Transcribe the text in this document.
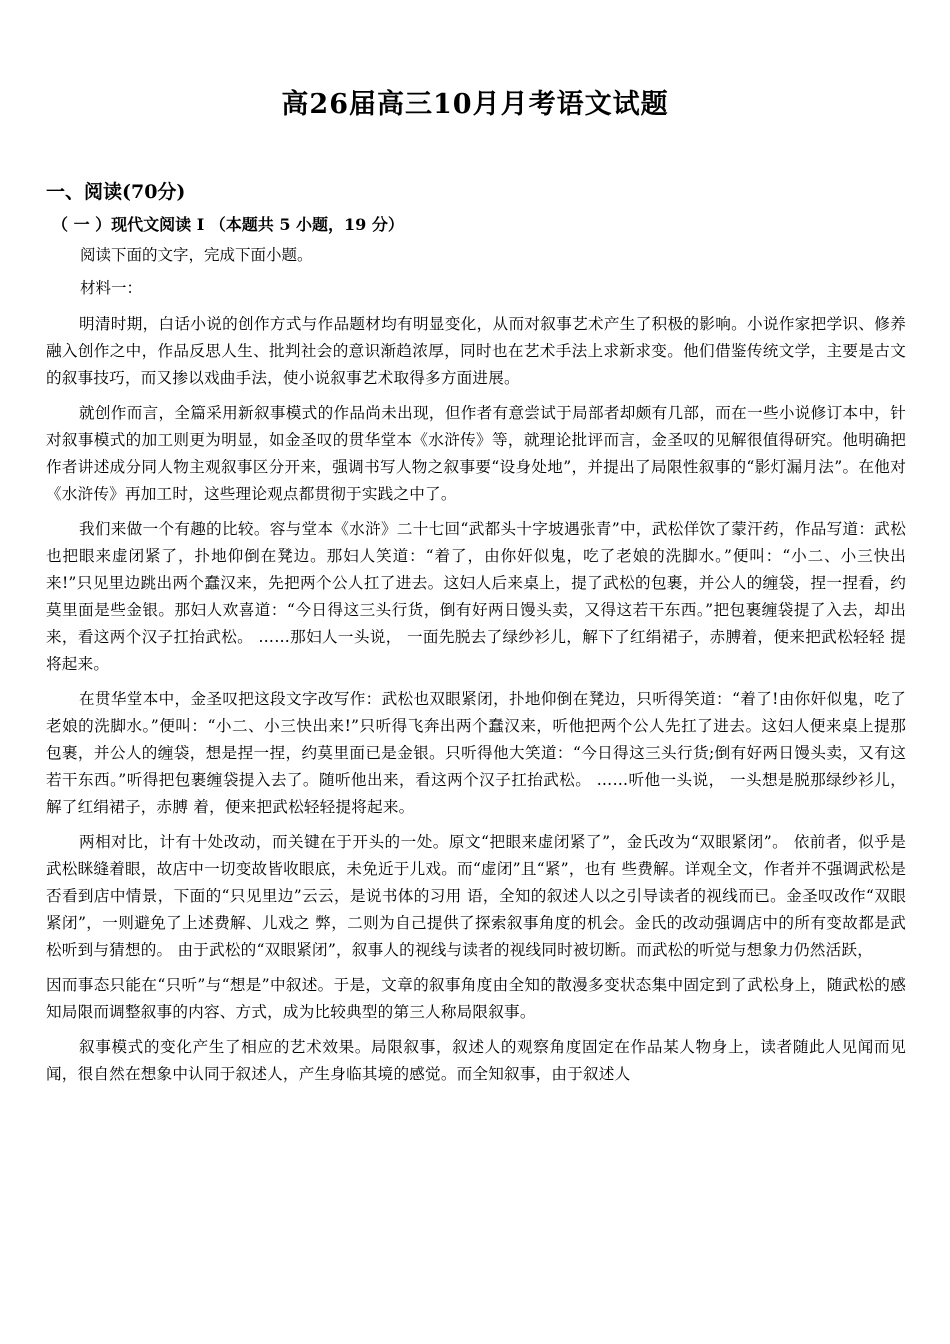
高26届高三10月月考语文试题
一、阅读(70分)
（ 一 ）现代文阅读 I （本题共 5 小题，19 分）
阅读下面的文字，完成下面小题。
材料一：

明清时期，白话小说的创作方式与作品题材均有明显变化，从而对叙事艺术产生了积极的影响。小说作家把学识、修养融入创作之中，作品反思人生、批判社会的意识渐趋浓厚，同时也在艺术手法上求新求变。他们借鉴传统文学，主要是古文的叙事技巧，而又掺以戏曲手法，使小说叙事艺术取得多方面进展。

就创作而言，全篇采用新叙事模式的作品尚未出现，但作者有意尝试于局部者却颇有几部，而在一些小说修订本中，针对叙事模式的加工则更为明显，如金圣叹的贯华堂本《水浒传》等，就理论批评而言，金圣叹的见解很值得研究。他明确把作者讲述成分同人物主观叙事区分开来，强调书写人物之叙事要“设身处地”，并提出了局限性叙事的“影灯漏月法”。在他对《水浒传》再加工时，这些理论观点都贯彻于实践之中了。

我们来做一个有趣的比较。容与堂本《水浒》二十七回“武都头十字坡遇张青”中，武松佯饮了蒙汗药，作品写道：武松也把眼来虚闭紧了，扑地仰倒在凳边。那妇人笑道：“着了，由你奸似鬼，吃了老娘的洗脚水。”便叫：“小二、小三快出来!”只见里边跳出两个蠢汉来，先把两个公人扛了进去。这妇人后来桌上，提了武松的包裹，并公人的缠袋，捏一捏看，约莫里面是些金银。那妇人欢喜道：“今日得这三头行货，倒有好两日馒头卖，又得这若干东西。”把包裹缠袋提了入去，却出来，看这两个汉子扛抬武松。 ……那妇人一头说， 一面先脱去了绿纱衫儿，解下了红绢裙子，赤膊着，便来把武松轻轻 提将起来。

在贯华堂本中，金圣叹把这段文字改写作：武松也双眼紧闭，扑地仰倒在凳边，只听得笑道：“着了!由你奸似鬼，吃了老娘的洗脚水。”便叫：“小二、小三快出来!”只听得飞奔出两个蠢汉来，听他把两个公人先扛了进去。这妇人便来桌上提那包裹，并公人的缠袋，想是捏一捏，约莫里面已是金银。只听得他大笑道：“今日得这三头行货;倒有好两日馒头卖，又有这若干东西。”听得把包裹缠袋提入去了。随听他出来，看这两个汉子扛抬武松。 ……听他一头说， 一头想是脱那绿纱衫儿，解了红绢裙子，赤膊 着，便来把武松轻轻提将起来。

两相对比，计有十处改动，而关键在于开头的一处。原文“把眼来虚闭紧了”，金氏改为“双眼紧闭”。 依前者，似乎是武松眯缝着眼，故店中一切变故皆收眼底，未免近于儿戏。而“虚闭”且“紧”，也有 些费解。详观全文，作者并不强调武松是否看到店中情景，下面的“只见里边”云云，是说书体的习用 语，全知的叙述人以之引导读者的视线而已。金圣叹改作“双眼紧闭”，一则避免了上述费解、儿戏之 弊，二则为自己提供了探索叙事角度的机会。金氏的改动强调店中的所有变故都是武松听到与猜想的。 由于武松的“双眼紧闭”，叙事人的视线与读者的视线同时被切断。而武松的听觉与想象力仍然活跃，

因而事态只能在“只听”与“想是”中叙述。于是，文章的叙事角度由全知的散漫多变状态集中固定到了武松身上，随武松的感知局限而调整叙事的内容、方式，成为比较典型的第三人称局限叙事。

叙事模式的变化产生了相应的艺术效果。局限叙事，叙述人的观察角度固定在作品某人物身上，读者随此人见闻而见闻，很自然在想象中认同于叙述人，产生身临其境的感觉。而全知叙事，由于叙述人
